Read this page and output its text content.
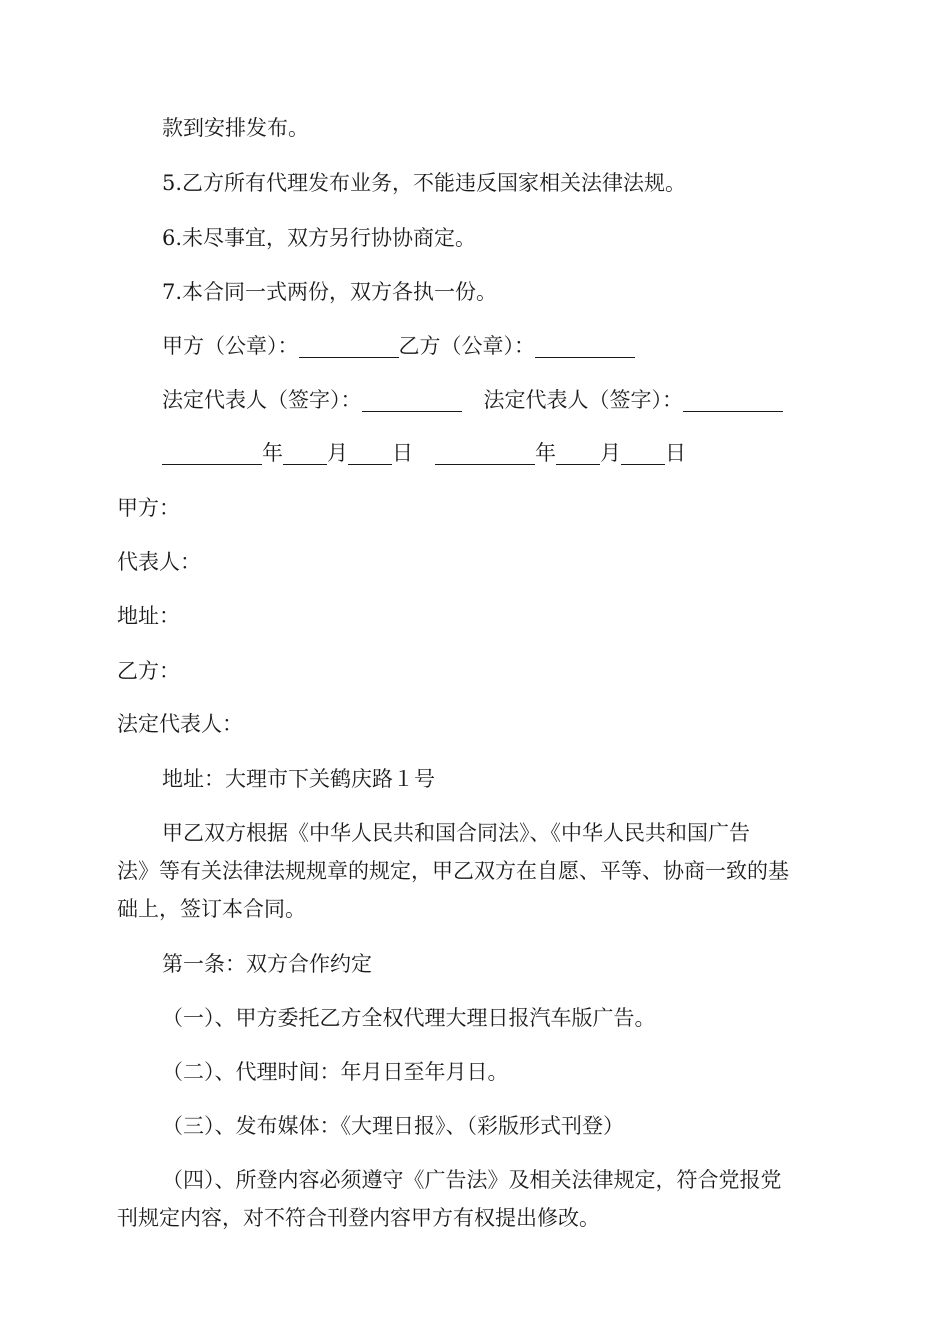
款到安排发布。

5.乙方所有代理发布业务，不能违反国家相关法律法规。

6.未尽事宜，双方另行协协商定。

7.本合同一式两份，双方各执一份。

甲方（公章）：	乙方（公章）：

法定代表人（签字）：	法定代表人（签字）：

年 月 日	年 月 日

甲方：

代表人：

地址：

乙方：

法定代表人：

地址：大理市下关鹤庆路１号

甲乙双方根据《中华人民共和国合同法》、《中华人民共和国广告

法》等有关法律法规规章的规定，甲乙双方在自愿、平等、协商一致的基

础上，签订本合同。

第一条：双方合作约定

（一）、甲方委托乙方全权代理大理日报汽车版广告。

（二）、代理时间：年月日至年月日。

（三）、发布媒体：《大理日报》、（彩版形式刊登）

（四）、所登内容必须遵守《广告法》及相关法律规定，符合党报党

刊规定内容，对不符合刊登内容甲方有权提出修改。
